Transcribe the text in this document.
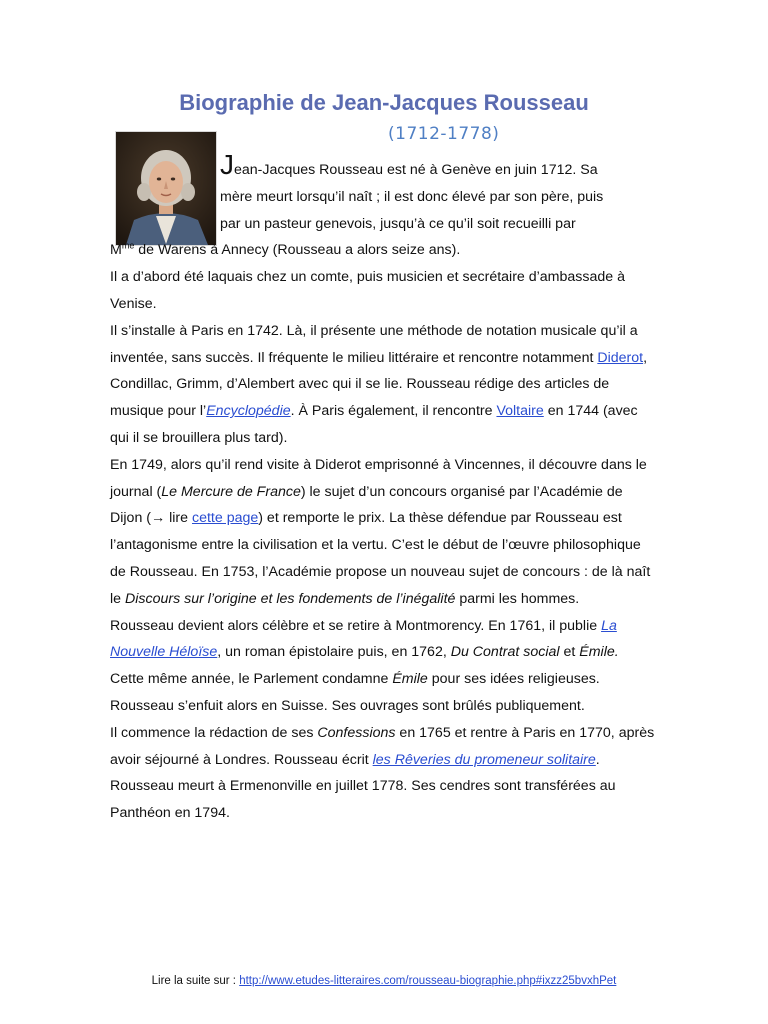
Biographie de Jean-Jacques Rousseau
(1712-1778)

Jean-Jacques Rousseau est né à Genève en juin 1712. Sa

mère meurt lorsqu’il naît ; il est donc élevé par son père, puis

par un pasteur genevois, jusqu’à ce qu’il soit recueilli par

$M^{me}$ de Warens à Annecy (Rousseau a alors seize ans).

Il a d’abord été laquais chez un comte, puis musicien et secrétaire d’ambassade à Venise.

Il s’installe à Paris en 1742. Là, il présente une méthode de notation musicale qu’il a inventée, sans succès. Il fréquente le milieu littéraire et rencontre notamment Diderot, Condillac, Grimm, d’Alembert avec qui il se lie. Rousseau rédige des articles de musique pour l’Encyclopédie. À Paris également, il rencontre Voltaire en 1744 (avec qui il se brouillera plus tard).

En 1749, alors qu’il rend visite à Diderot emprisonné à Vincennes, il découvre dans le journal (Le Mercure de France) le sujet d’un concours organisé par l’Académie de Dijon (→ lire cette page) et remporte le prix. La thèse défendue par Rousseau est l’antagonisme entre la civilisation et la vertu. C’est le début de l’œuvre philosophique de Rousseau. En 1753, l’Académie propose un nouveau sujet de concours : de là naît le Discours sur l’origine et les fondements de l’inégalité parmi les hommes.

Rousseau devient alors célèbre et se retire à Montmorency. En 1761, il publie La Nouvelle Héloïse, un roman épistolaire puis, en 1762, Du Contrat social et Émile. Cette même année, le Parlement condamne Émile pour ses idées religieuses. Rousseau s’enfuit alors en Suisse. Ses ouvrages sont brûlés publiquement.

Il commence la rédaction de ses Confessions en 1765 et rentre à Paris en 1770, après avoir séjourné à Londres. Rousseau écrit les Rêveries du promeneur solitaire.

Rousseau meurt à Ermenonville en juillet 1778. Ses cendres sont transférées au Panthéon en 1794.

Lire la suite sur : http://www.etudes-litteraires.com/rousseau-biographie.php#ixzz25bvxhPet
